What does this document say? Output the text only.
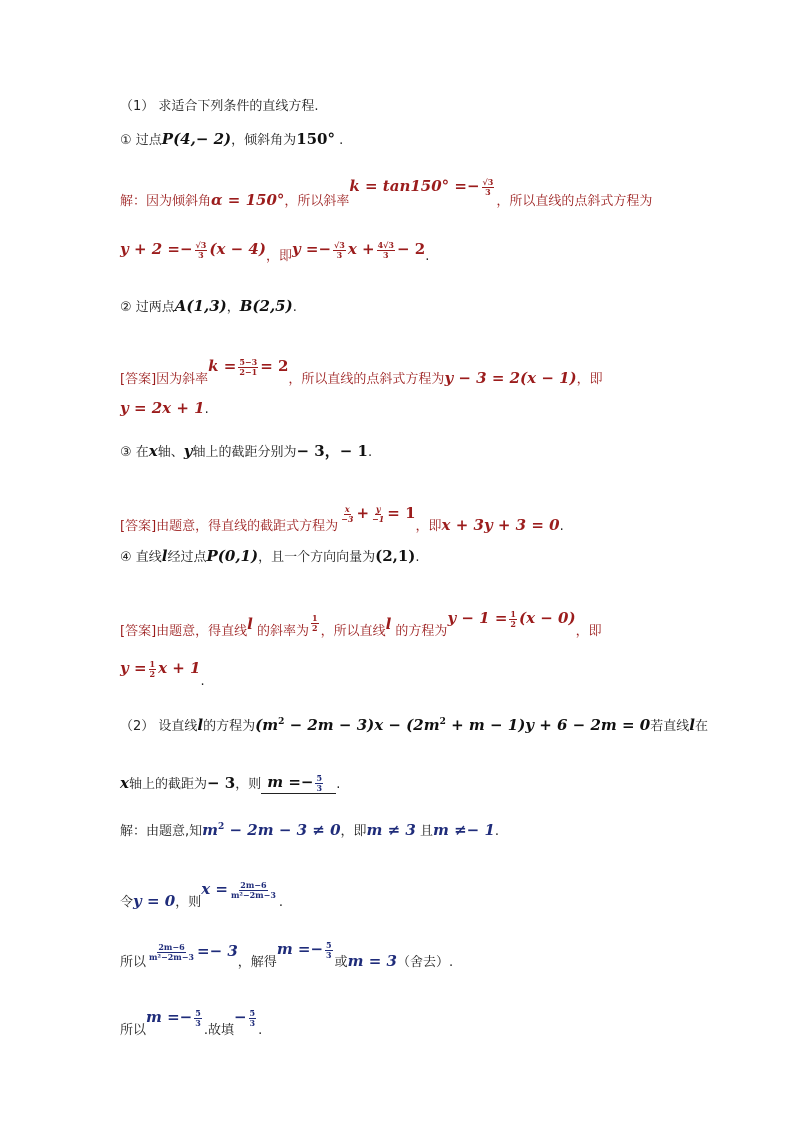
（1） 求适合下列条件的直线方程.
① 过点P(4,− 2)，倾斜角为150° .
解：因为倾斜角α = 150°，所以斜率$k = \tan 150^\circ =- \frac{√3}{3}$
，所以直线的点斜式方程为
$y + 2 =- \frac{√3}{3} (x - 4)$，即$y =- \frac{√3}{3}$ $x + \frac{4√3}{3} - 2$.
② 过两点A(1,3)，B(2,5).
[答案]因为斜率$k = \frac{5-3}{2-1} = 2$，所以直线的点斜式方程为y − 3 = 2(x − 1)，即
y = 2x + 1.
③ 在x轴、y轴上的截距分别为− 3，− 1.
[答案]由题意，得直线的截距式方程为
$\frac{x}{-3} + \frac{y}{-1} = 1$，即x + 3y + 3 = 0.
④ 直线l经过点P(0,1)，且一个方向向量为(2,1).
[答案]由题意，得直线l 的斜率为 $\frac{1}{2}$ ，所以直线l 的方程为$y - 1 = \frac{1}{2} (x - 0)$，即
$y = \frac{1}{2}$ x + 1.
（2） 设直线l的方程为$(m^2 - 2m - 3)x - (2m^2 + m - 1)y + 6 - 2m = 0$若直线l在
x轴上的截距为− 3，则 $m =- \frac{5}{3}$ .
解：由题意,知$m^2 - 2m - 3 \ne 0$，即m ≠ 3 且m ≠− 1.
令y = 0，则$x = \frac{2m-6}{\text{m²−2m−3}}$
.
所以
$\frac{2m-6}{\text{m²−2m−3}} =- 3$，解得$m =- \frac{5}{3}$
或m = 3（舍去）.
所以$m =- \frac{5}{3}$
.故填− $\frac{5}{3}$
.
